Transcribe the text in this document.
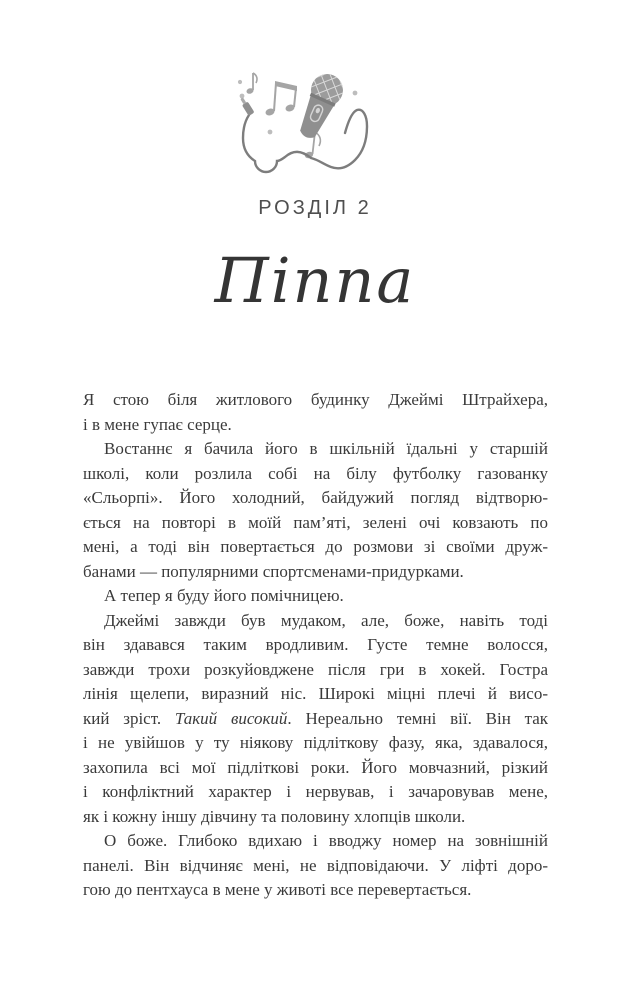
РОЗДІЛ 2
Піппа
Я стою біля житлового будинку Джеймі Штрайхера,
і в мене гупає серце.
Востаннє я бачила його в шкільній їдальні у старшій
школі, коли розлила собі на білу футболку газованку
«Сльорпі». Його холодний, байдужий погляд відтворю-
ється на повторі в моїй пам’яті, зелені очі ковзають по
мені, а тоді він повертається до розмови зі своїми друж-
банами — популярними спортсменами-придурками.
А тепер я буду його помічницею.
Джеймі завжди був мудаком, але, боже, навіть тоді
він здавався таким вродливим. Густе темне волосся,
завжди трохи розкуйовджене після гри в хокей. Гостра
лінія щелепи, виразний ніс. Широкі міцні плечі й висо-
кий зріст. Такий високий. Нереально темні вії. Він так
і не увійшов у ту ніякову підліткову фазу, яка, здавалося,
захопила всі мої підліткові роки. Його мовчазний, різкий
і конфліктний характер і нервував, і зачаровував мене,
як і кожну іншу дівчину та половину хлопців школи.
О боже. Глибоко вдихаю і вводжу номер на зовнішній
панелі. Він відчиняє мені, не відповідаючи. У ліфті доро-
гою до пентхауса в мене у животі все перевертається.
